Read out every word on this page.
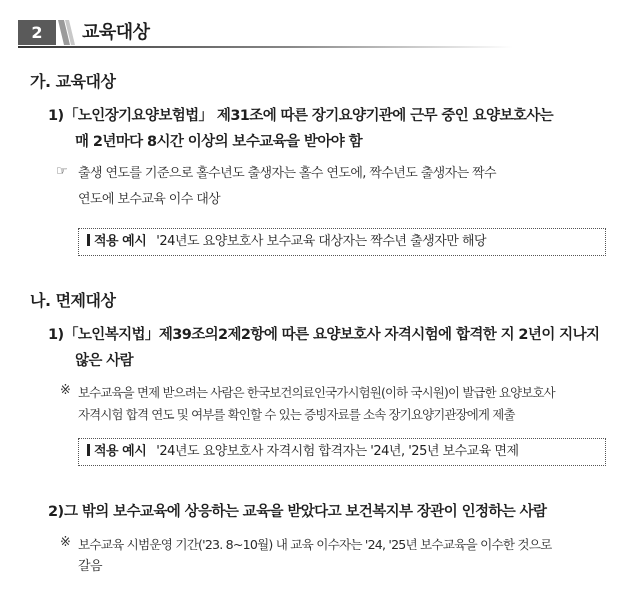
2	교육대상
가. 교육대상
1) 「노인장기요양보험법」 제31조에 따른 장기요양기관에 근무 중인 요양보호사는
매 2년마다 8시간 이상의 보수교육을 받아야 함
☞ 출생 연도를 기준으로 홀수년도 출생자는 홀수 연도에, 짝수년도 출생자는 짝수
연도에 보수교육 이수 대상
적용 예시 '24년도 요양보호사 보수교육 대상자는 짝수년 출생자만 해당
나. 면제대상
1) 「노인복지법」제39조의2제2항에 따른 요양보호사 자격시험에 합격한 지 2년이 지나지
않은 사람
※ 보수교육을 면제 받으려는 사람은 한국보건의료인국가시험원(이하 국시원)이 발급한 요양보호사
자격시험 합격 연도 및 여부를 확인할 수 있는 증빙자료를 소속 장기요양기관장에게 제출
적용 예시 '24년도 요양보호사 자격시험 합격자는 '24년, '25년 보수교육 면제
2) 그 밖의 보수교육에 상응하는 교육을 받았다고 보건복지부 장관이 인정하는 사람
※ 보수교육 시범운영 기간('23. 8~10월) 내 교육 이수자는 '24, '25년 보수교육을 이수한 것으로
갈음
